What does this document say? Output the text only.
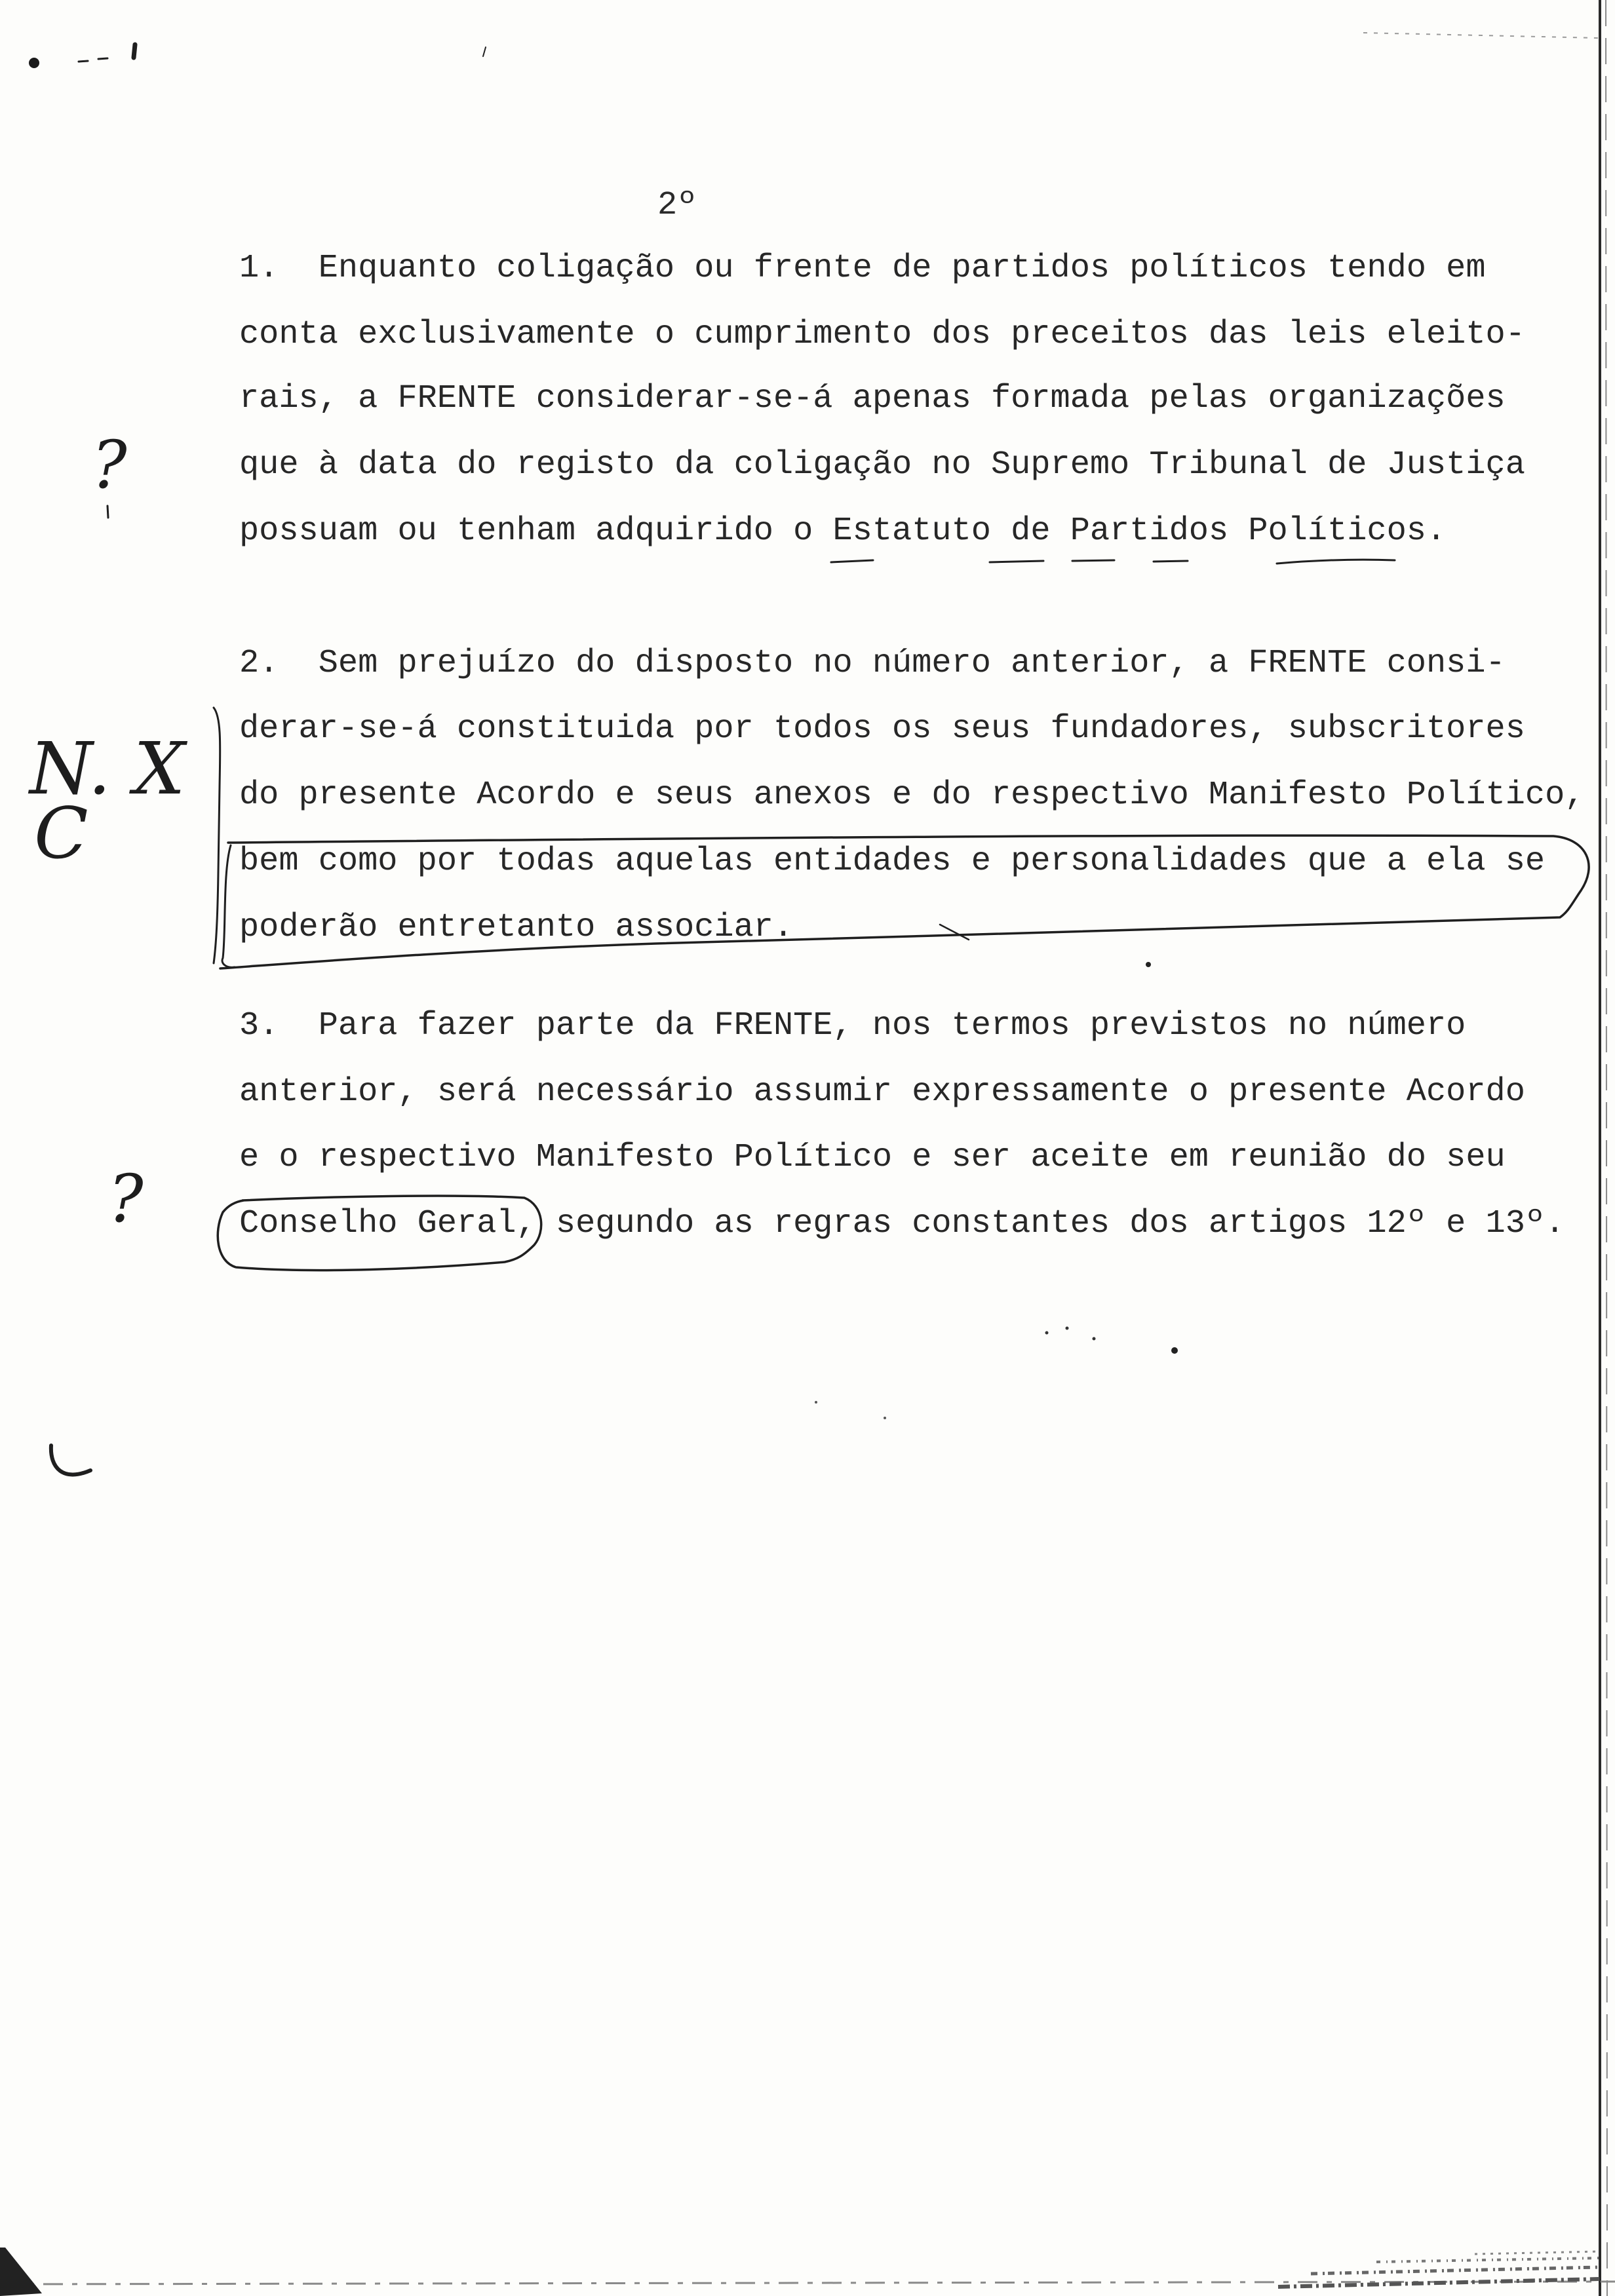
2º
1.  Enquanto coligação ou frente de partidos políticos tendo em
conta exclusivamente o cumprimento dos preceitos das leis eleito-
rais, a FRENTE considerar-se-á apenas formada pelas organizações
que à data do registo da coligação no Supremo Tribunal de Justiça
possuam ou tenham adquirido o Estatuto de Partidos Políticos.
2.  Sem prejuízo do disposto no número anterior, a FRENTE consi-
derar-se-á constituida por todos os seus fundadores, subscritores
do presente Acordo e seus anexos e do respectivo Manifesto Político,
bem como por todas aquelas entidades e personalidades que a ela se
poderão entretanto associar.
3.  Para fazer parte da FRENTE, nos termos previstos no número
anterior, será necessário assumir expressamente o presente Acordo
e o respectivo Manifesto Político e ser aceite em reunião do seu
Conselho Geral, segundo as regras constantes dos artigos 12º e 13º.
?
N. X
C
?
